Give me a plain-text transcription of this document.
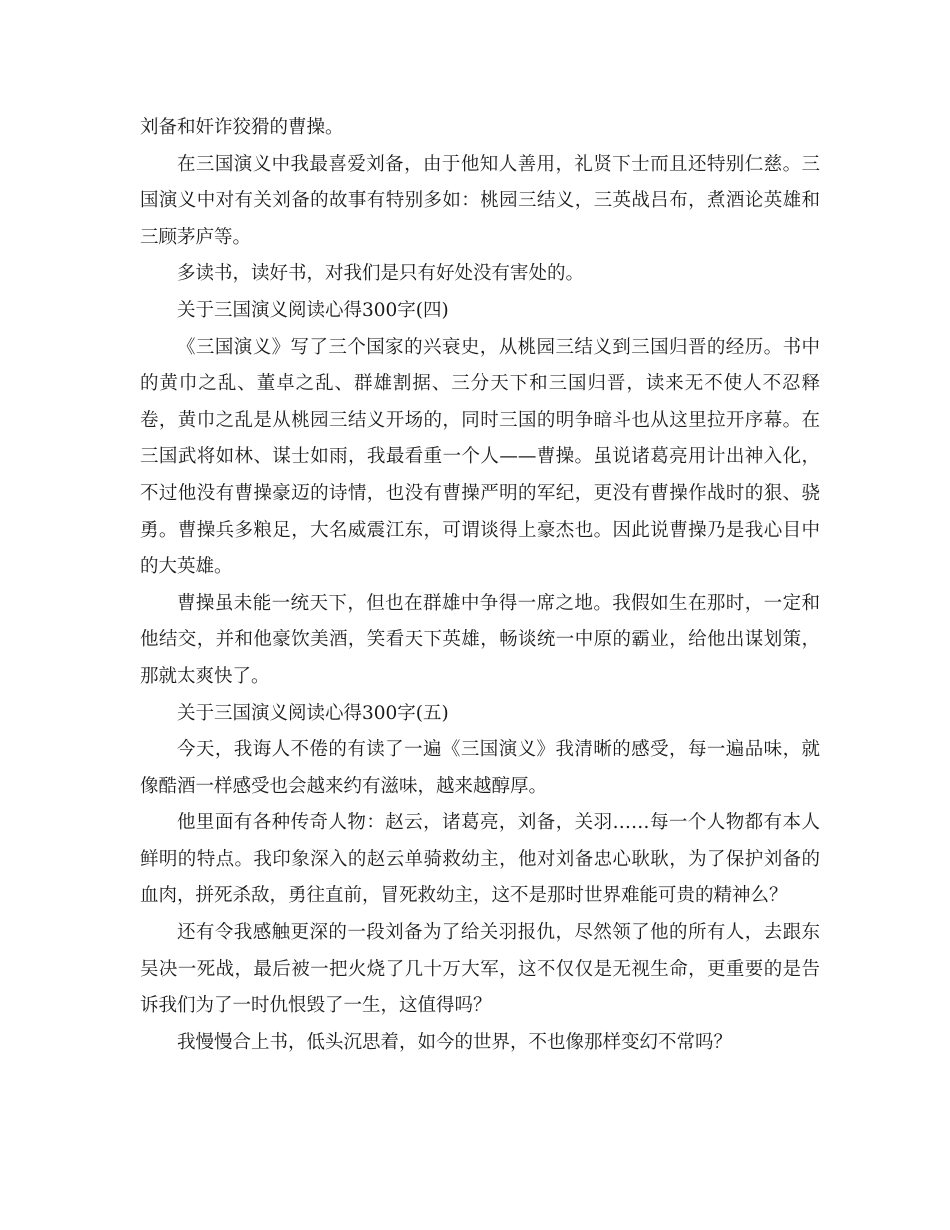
刘备和奸诈狡猾的曹操。

在三国演义中我最喜爱刘备，由于他知人善用，礼贤下士而且还特别仁慈。三国演义中对有关刘备的故事有特别多如：桃园三结义，三英战吕布，煮酒论英雄和三顾茅庐等。

多读书，读好书，对我们是只有好处没有害处的。

关于三国演义阅读心得300字(四)

《三国演义》写了三个国家的兴衰史，从桃园三结义到三国归晋的经历。书中的黄巾之乱、董卓之乱、群雄割据、三分天下和三国归晋，读来无不使人不忍释卷，黄巾之乱是从桃园三结义开场的，同时三国的明争暗斗也从这里拉开序幕。在三国武将如林、谋士如雨，我最看重一个人——曹操。虽说诸葛亮用计出神入化，不过他没有曹操豪迈的诗情，也没有曹操严明的军纪，更没有曹操作战时的狠、骁勇。曹操兵多粮足，大名威震江东，可谓谈得上豪杰也。因此说曹操乃是我心目中的大英雄。

曹操虽未能一统天下，但也在群雄中争得一席之地。我假如生在那时，一定和他结交，并和他豪饮美酒，笑看天下英雄，畅谈统一中原的霸业，给他出谋划策，那就太爽快了。

关于三国演义阅读心得300字(五)

今天，我诲人不倦的有读了一遍《三国演义》我清晰的感受，每一遍品味，就像酷酒一样感受也会越来约有滋味，越来越醇厚。

他里面有各种传奇人物：赵云，诸葛亮，刘备，关羽……每一个人物都有本人鲜明的特点。我印象深入的赵云单骑救幼主，他对刘备忠心耿耿，为了保护刘备的血肉，拼死杀敌，勇往直前，冒死救幼主，这不是那时世界难能可贵的精神么？

还有令我感触更深的一段刘备为了给关羽报仇，尽然领了他的所有人，去跟东吴决一死战，最后被一把火烧了几十万大军，这不仅仅是无视生命，更重要的是告诉我们为了一时仇恨毁了一生，这值得吗？

我慢慢合上书，低头沉思着，如今的世界，不也像那样变幻不常吗？
